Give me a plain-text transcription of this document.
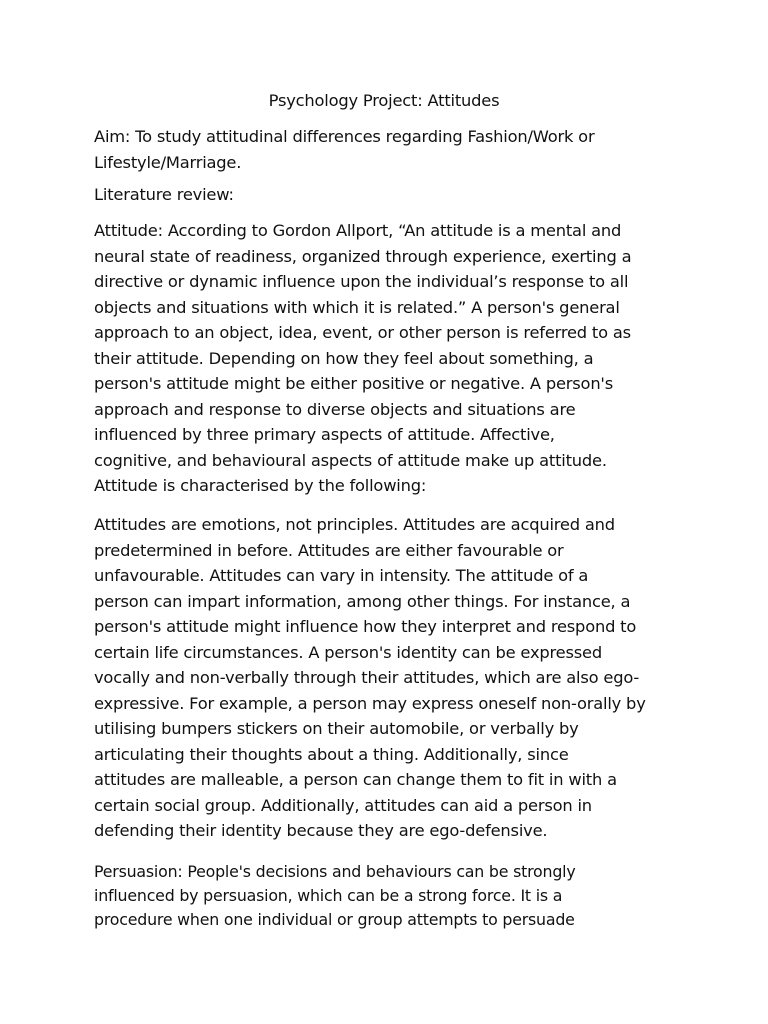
Psychology Project: Attitudes
Aim: To study attitudinal differences regarding Fashion/Work or
Lifestyle/Marriage.
Literature review:
Attitude: According to Gordon Allport, “An attitude is a mental and
neural state of readiness, organized through experience, exerting a
directive or dynamic influence upon the individual’s response to all
objects and situations with which it is related.” A person's general
approach to an object, idea, event, or other person is referred to as
their attitude. Depending on how they feel about something, a
person's attitude might be either positive or negative. A person's
approach and response to diverse objects and situations are
influenced by three primary aspects of attitude. Affective,
cognitive, and behavioural aspects of attitude make up attitude.
Attitude is characterised by the following:
Attitudes are emotions, not principles. Attitudes are acquired and
predetermined in before. Attitudes are either favourable or
unfavourable. Attitudes can vary in intensity. The attitude of a
person can impart information, among other things. For instance, a
person's attitude might influence how they interpret and respond to
certain life circumstances. A person's identity can be expressed
vocally and non-verbally through their attitudes, which are also ego-
expressive. For example, a person may express oneself non-orally by
utilising bumpers stickers on their automobile, or verbally by
articulating their thoughts about a thing. Additionally, since
attitudes are malleable, a person can change them to fit in with a
certain social group. Additionally, attitudes can aid a person in
defending their identity because they are ego-defensive.
Persuasion: People's decisions and behaviours can be strongly
influenced by persuasion, which can be a strong force. It is a
procedure when one individual or group attempts to persuade
